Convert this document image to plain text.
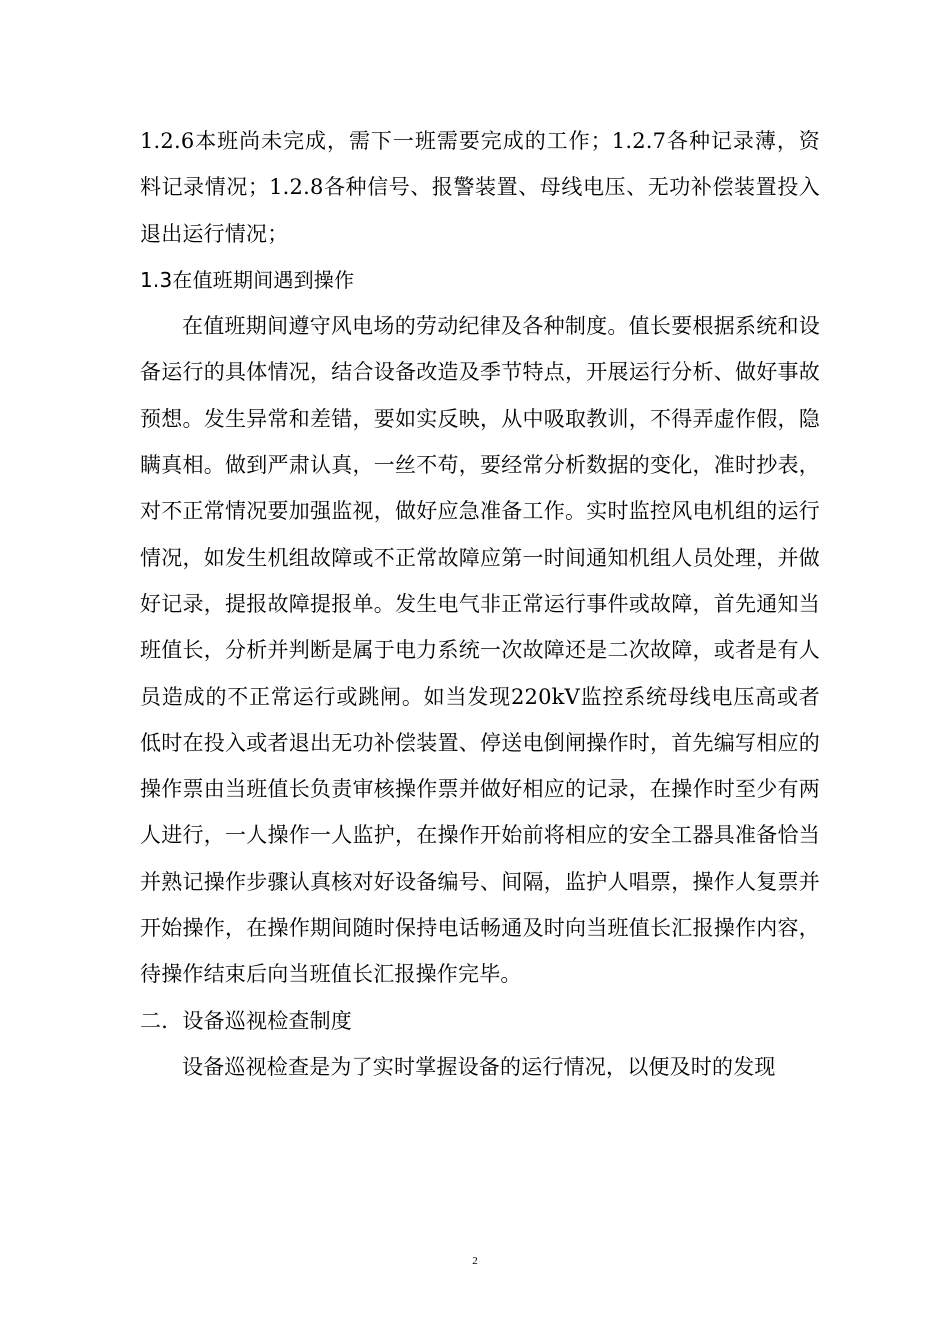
1.2.6本班尚未完成，需下一班需要完成的工作；1.2.7各种记录薄，资料记录情况；1.2.8各种信号、报警装置、母线电压、无功补偿装置投入退出运行情况；

1.3在值班期间遇到操作

在值班期间遵守风电场的劳动纪律及各种制度。值长要根据系统和设备运行的具体情况，结合设备改造及季节特点，开展运行分析、做好事故预想。发生异常和差错，要如实反映，从中吸取教训，不得弄虚作假，隐瞒真相。做到严肃认真，一丝不苟，要经常分析数据的变化，准时抄表，对不正常情况要加强监视，做好应急准备工作。实时监控风电机组的运行情况，如发生机组故障或不正常故障应第一时间通知机组人员处理，并做好记录，提报故障提报单。发生电气非正常运行事件或故障，首先通知当班值长，分析并判断是属于电力系统一次故障还是二次故障，或者是有人员造成的不正常运行或跳闸。如当发现220kV监控系统母线电压高或者低时在投入或者退出无功补偿装置、停送电倒闸操作时，首先编写相应的操作票由当班值长负责审核操作票并做好相应的记录，在操作时至少有两人进行，一人操作一人监护，在操作开始前将相应的安全工器具准备恰当并熟记操作步骤认真核对好设备编号、间隔，监护人唱票，操作人复票并开始操作，在操作期间随时保持电话畅通及时向当班值长汇报操作内容，待操作结束后向当班值长汇报操作完毕。

二．设备巡视检查制度

设备巡视检查是为了实时掌握设备的运行情况，以便及时的发现

2
